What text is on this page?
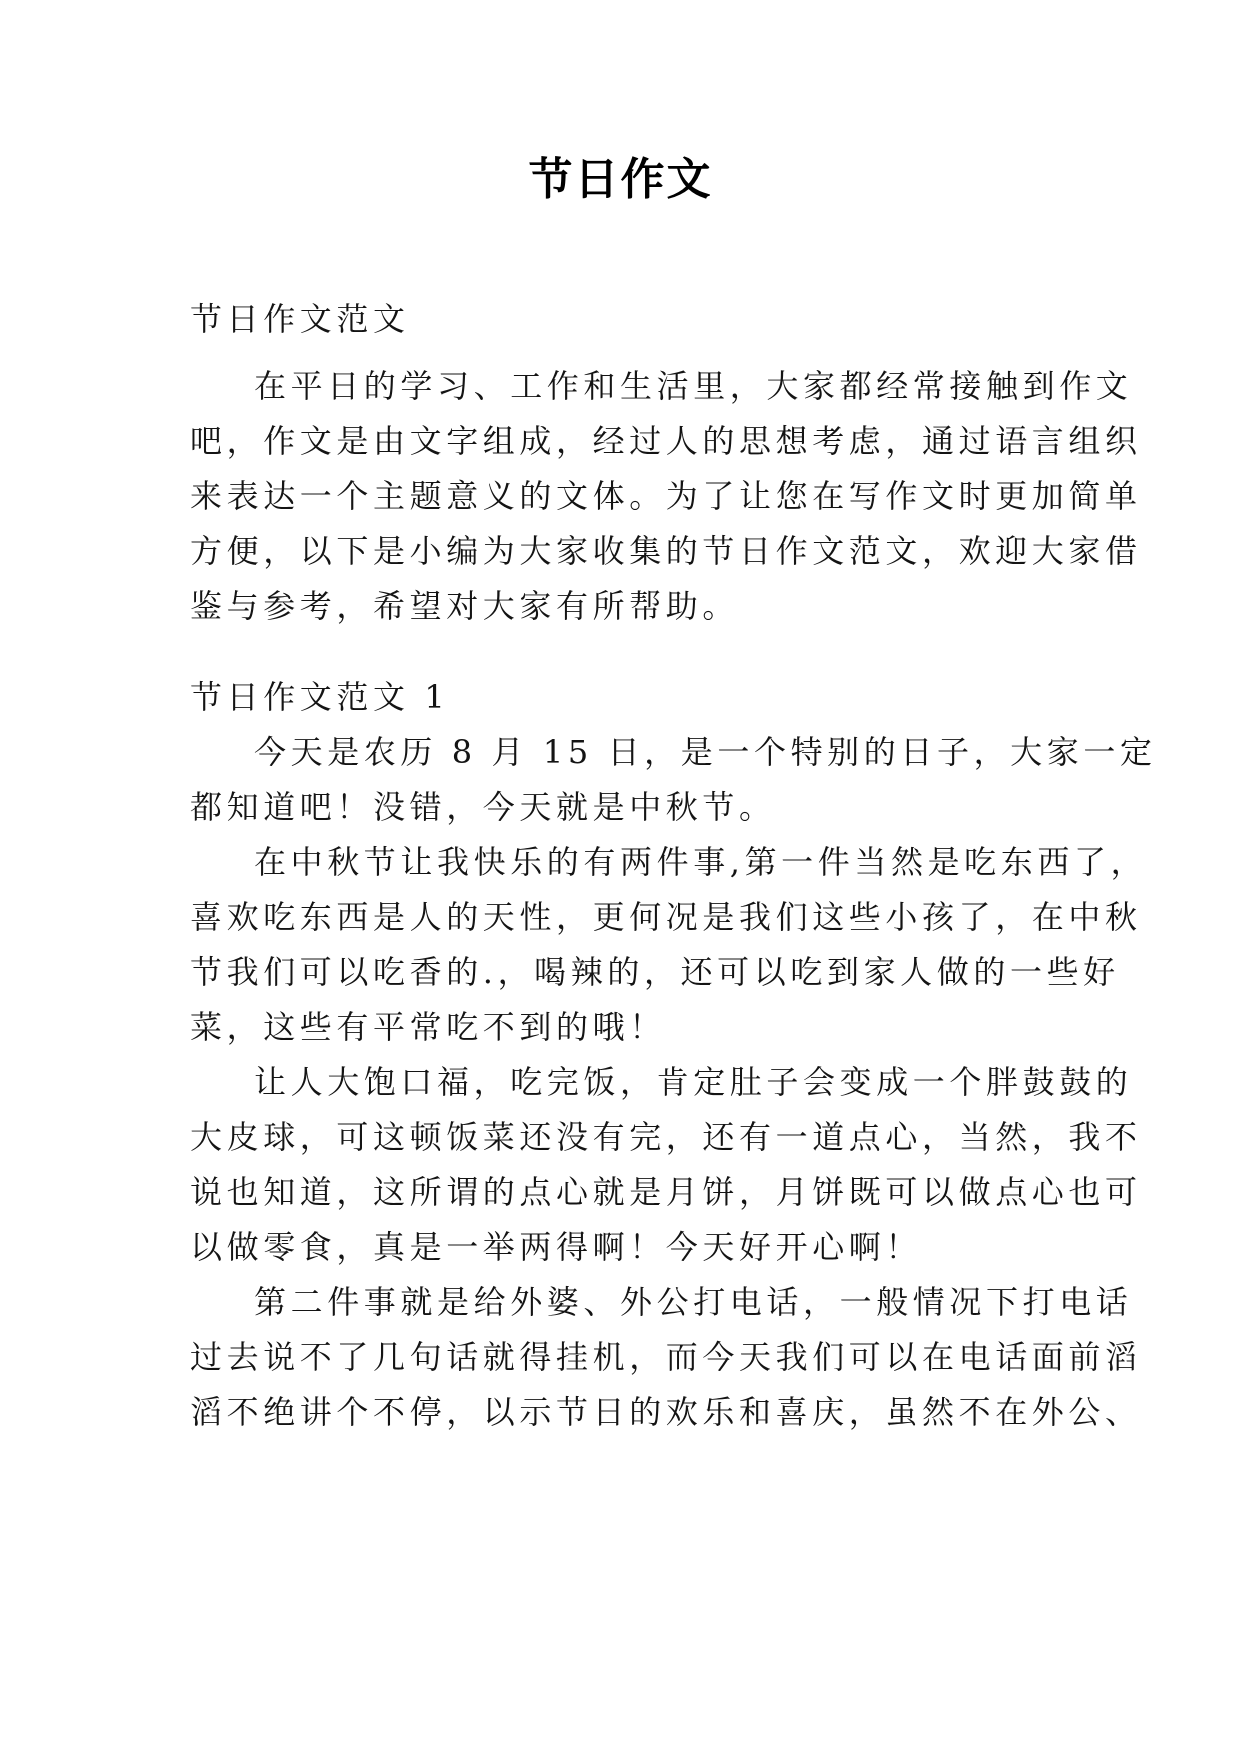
节日作文
节日作文范文
在平日的学习、工作和生活里，大家都经常接触到作文
吧，作文是由文字组成，经过人的思想考虑，通过语言组织
来表达一个主题意义的文体。为了让您在写作文时更加简单
方便，以下是小编为大家收集的节日作文范文，欢迎大家借
鉴与参考，希望对大家有所帮助。
节日作文范文 1
今天是农历 8 月 15 日，是一个特别的日子，大家一定
都知道吧！没错，今天就是中秋节。
在中秋节让我快乐的有两件事,第一件当然是吃东西了，
喜欢吃东西是人的天性，更何况是我们这些小孩了，在中秋
节我们可以吃香的.，喝辣的，还可以吃到家人做的一些好
菜，这些有平常吃不到的哦！
让人大饱口福，吃完饭，肯定肚子会变成一个胖鼓鼓的
大皮球，可这顿饭菜还没有完，还有一道点心，当然，我不
说也知道，这所谓的点心就是月饼，月饼既可以做点心也可
以做零食，真是一举两得啊！今天好开心啊！
第二件事就是给外婆、外公打电话，一般情况下打电话
过去说不了几句话就得挂机，而今天我们可以在电话面前滔
滔不绝讲个不停，以示节日的欢乐和喜庆，虽然不在外公、
